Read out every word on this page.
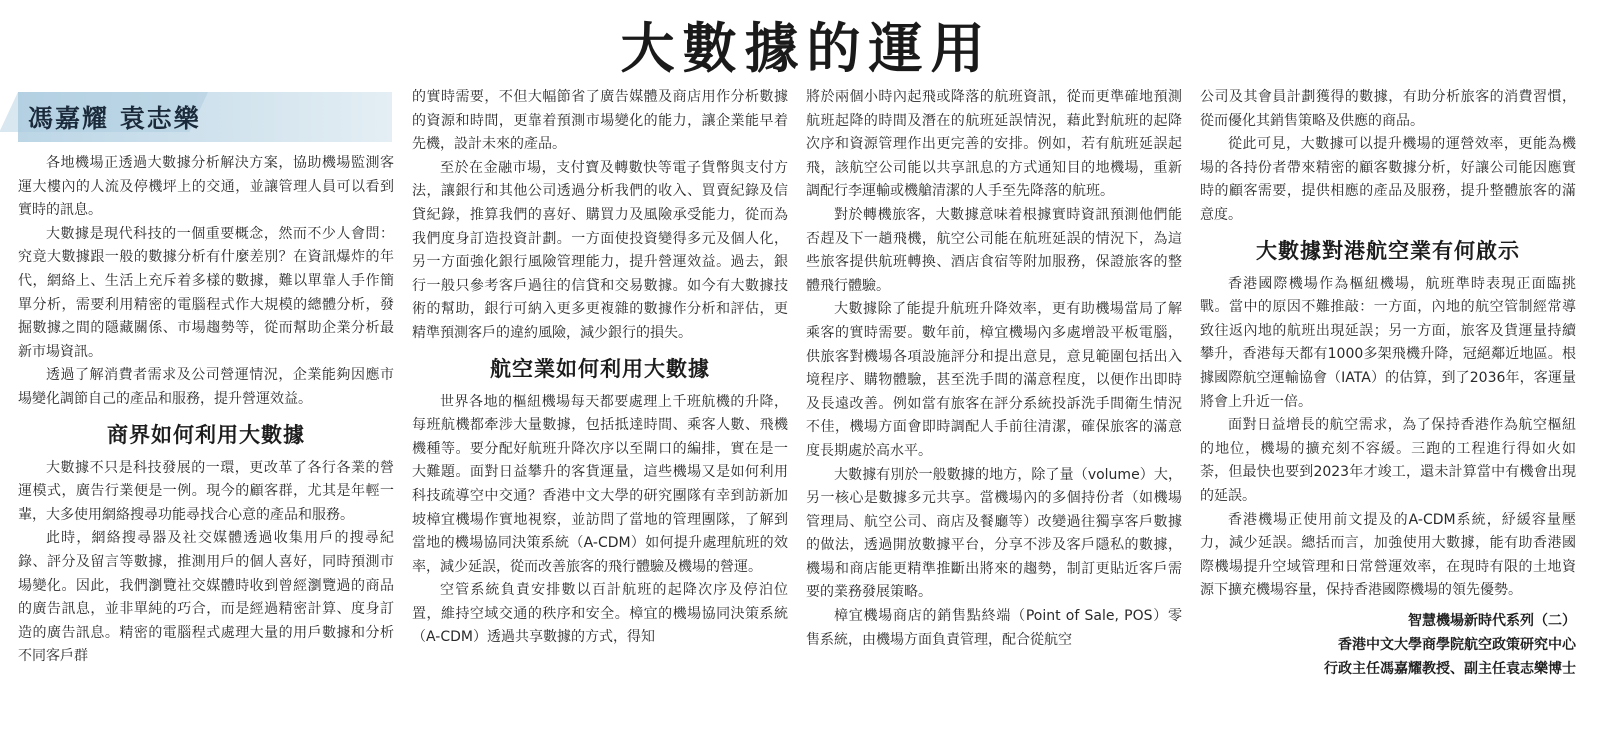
大數據的運用
馮嘉耀 袁志樂

各地機場正透過大數據分析解決方案，協助機場監測客運大樓內的人流及停機坪上的交通，並讓管理人員可以看到實時的訊息。

大數據是現代科技的一個重要概念，然而不少人會問：究竟大數據跟一般的數據分析有什麼差別？在資訊爆炸的年代，網絡上、生活上充斥着多樣的數據，難以單靠人手作簡單分析，需要利用精密的電腦程式作大規模的總體分析，發掘數據之間的隱藏關係、市場趨勢等，從而幫助企業分析最新市場資訊。

透過了解消費者需求及公司營運情況，企業能夠因應市場變化調節自己的產品和服務，提升營運效益。

商界如何利用大數據

大數據不只是科技發展的一環，更改革了各行各業的營運模式，廣告行業便是一例。現今的顧客群，尤其是年輕一輩，大多使用網絡搜尋功能尋找合心意的產品和服務。

此時，網絡搜尋器及社交媒體透過收集用戶的搜尋紀錄、評分及留言等數據，推測用戶的個人喜好，同時預測市場變化。因此，我們瀏覽社交媒體時收到曾經瀏覽過的商品的廣告訊息，並非單純的巧合，而是經過精密計算、度身訂造的廣告訊息。精密的電腦程式處理大量的用戶數據和分析不同客戶群

的實時需要，不但大幅節省了廣告媒體及商店用作分析數據的資源和時間，更靠着預測市場變化的能力，讓企業能早着先機，設計未來的產品。

至於在金融市場，支付寶及轉數快等電子貨幣與支付方法，讓銀行和其他公司透過分析我們的收入、買賣紀錄及信貸紀錄，推算我們的喜好、購買力及風險承受能力，從而為我們度身訂造投資計劃。一方面使投資變得多元及個人化，另一方面強化銀行風險管理能力，提升營運效益。過去，銀行一般只參考客戶過往的信貸和交易數據。如今有大數據技術的幫助，銀行可納入更多更複雜的數據作分析和評估，更精準預測客戶的違約風險，減少銀行的損失。

航空業如何利用大數據

世界各地的樞紐機場每天都要處理上千班航機的升降，每班航機都牽涉大量數據，包括抵達時間、乘客人數、飛機機種等。要分配好航班升降次序以至閘口的編排，實在是一大難題。面對日益攀升的客貨運量，這些機場又是如何利用科技疏導空中交通？香港中文大學的研究團隊有幸到訪新加坡樟宜機場作實地視察，並訪問了當地的管理團隊，了解到當地的機場協同決策系統（A-CDM）如何提升處理航班的效率，減少延誤，從而改善旅客的飛行體驗及機場的營運。

空管系統負責安排數以百計航班的起降次序及停泊位置，維持空域交通的秩序和安全。樟宜的機場協同決策系統（A-CDM）透過共享數據的方式，得知

將於兩個小時內起飛或降落的航班資訊，從而更準確地預測航班起降的時間及潛在的航班延誤情況，藉此對航班的起降次序和資源管理作出更完善的安排。例如，若有航班延誤起飛，該航空公司能以共享訊息的方式通知目的地機場，重新調配行李運輸或機艙清潔的人手至先降落的航班。

對於轉機旅客，大數據意味着根據實時資訊預測他們能否趕及下一趟飛機，航空公司能在航班延誤的情況下，為這些旅客提供航班轉換、酒店食宿等附加服務，保證旅客的整體飛行體驗。

大數據除了能提升航班升降效率，更有助機場當局了解乘客的實時需要。數年前，樟宜機場內多處增設平板電腦，供旅客對機場各項設施評分和提出意見，意見範圍包括出入境程序、購物體驗，甚至洗手間的滿意程度，以便作出即時及長遠改善。例如當有旅客在評分系統投訴洗手間衛生情況不佳，機場方面會即時調配人手前往清潔，確保旅客的滿意度長期處於高水平。

大數據有別於一般數據的地方，除了量（volume）大，另一核心是數據多元共享。當機場內的多個持份者（如機場管理局、航空公司、商店及餐廳等）改變過往獨享客戶數據的做法，透過開放數據平台，分享不涉及客戶隱私的數據，機場和商店能更精準推斷出將來的趨勢，制訂更貼近客戶需要的業務發展策略。

樟宜機場商店的銷售點終端（Point of Sale, POS）零售系統，由機場方面負責管理，配合從航空

公司及其會員計劃獲得的數據，有助分析旅客的消費習慣，從而優化其銷售策略及供應的商品。

從此可見，大數據可以提升機場的運營效率，更能為機場的各持份者帶來精密的顧客數據分析，好讓公司能因應實時的顧客需要，提供相應的產品及服務，提升整體旅客的滿意度。

大數據對港航空業有何啟示

香港國際機場作為樞紐機場，航班準時表現正面臨挑戰。當中的原因不難推敲：一方面，內地的航空管制經常導致往返內地的航班出現延誤；另一方面，旅客及貨運量持續攀升，香港每天都有1000多架飛機升降，冠絕鄰近地區。根據國際航空運輸協會（IATA）的估算，到了2036年，客運量將會上升近一倍。

面對日益增長的航空需求，為了保持香港作為航空樞紐的地位，機場的擴充刻不容緩。三跑的工程進行得如火如荼，但最快也要到2023年才竣工，還未計算當中有機會出現的延誤。

香港機場正使用前文提及的A-CDM系統，紓緩容量壓力，減少延誤。總括而言，加強使用大數據，能有助香港國際機場提升空域管理和日常營運效率，在現時有限的土地資源下擴充機場容量，保持香港國際機場的領先優勢。

智慧機場新時代系列（二）
香港中文大學商學院航空政策研究中心
行政主任馮嘉耀教授、副主任袁志樂博士
